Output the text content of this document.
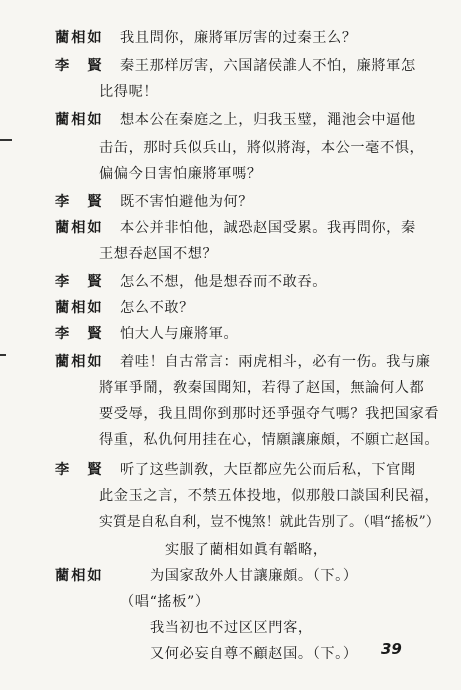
藺相如
李　賢
藺相如
李　賢
藺相如
李　賢
藺相如
李　賢
藺相如
李　賢
藺相如
我且問你，廉將軍厉害的过秦王么？
秦王那样厉害，六国諸侯誰人不怕，廉將軍怎
比得呢！
想本公在秦庭之上，归我玉璧，澠池会中逼他
击缶，那时兵似兵山，將似將海，本公一毫不惧，
偏偏今日害怕廉將軍嗎？
既不害怕避他为何？
本公并非怕他，誠恐赵国受累。我再問你，秦
王想吞赵国不想？
怎么不想，他是想吞而不敢吞。
怎么不敢？
怕大人与廉將軍。
着哇！自古常言：兩虎相斗，必有一伤。我与廉
將軍爭鬧，敎秦国聞知，若得了赵国，無論何人都
要受辱，我且問你到那时还爭强夺气嗎？我把国家看
得重，私仇何用挂在心，情願讓廉頗，不願亡赵国。
听了这些訓敎，大臣都应先公而后私，下官聞
此金玉之言，不禁五体投地，似那般口談国利民福，
实質是自私自利，豈不愧煞！就此告別了。（唱“搖板”）
实服了藺相如眞有韜略，
为国家敌外人甘讓廉頗。（下。）
（唱“搖板”）
我当初也不过区区門客，
又何必妄自尊不顧赵国。（下。） 39
